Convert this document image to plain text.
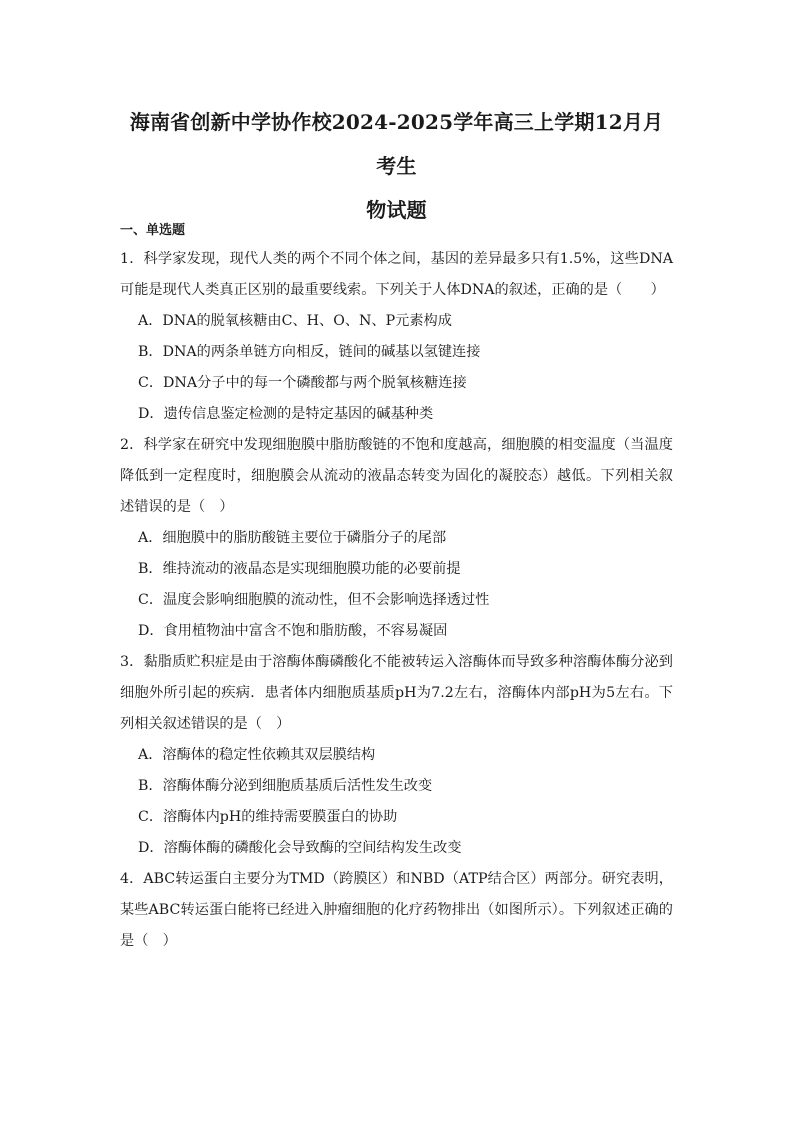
海南省创新中学协作校2024-2025学年高三上学期12月月考生
物试题
一、单选题

1．科学家发现，现代人类的两个不同个体之间，基因的差异最多只有1.5%，这些DNA可能是现代人类真正区别的最重要线索。下列关于人体DNA的叙述，正确的是（　　）

A．DNA的脱氧核糖由C、H、O、N、P元素构成

B．DNA的两条单链方向相反，链间的碱基以氢键连接

C．DNA分子中的每一个磷酸都与两个脱氧核糖连接

D．遗传信息鉴定检测的是特定基因的碱基种类

2．科学家在研究中发现细胞膜中脂肪酸链的不饱和度越高，细胞膜的相变温度（当温度降低到一定程度时，细胞膜会从流动的液晶态转变为固化的凝胶态）越低。下列相关叙述错误的是（　）

A．细胞膜中的脂肪酸链主要位于磷脂分子的尾部

B．维持流动的液晶态是实现细胞膜功能的必要前提

C．温度会影响细胞膜的流动性，但不会影响选择透过性

D．食用植物油中富含不饱和脂肪酸，不容易凝固

3．黏脂质贮积症是由于溶酶体酶磷酸化不能被转运入溶酶体而导致多种溶酶体酶分泌到细胞外所引起的疾病．患者体内细胞质基质pH为7.2左右，溶酶体内部pH为5左右。下列相关叙述错误的是（　）

A．溶酶体的稳定性依赖其双层膜结构

B．溶酶体酶分泌到细胞质基质后活性发生改变

C．溶酶体内pH的维持需要膜蛋白的协助

D．溶酶体酶的磷酸化会导致酶的空间结构发生改变

4．ABC转运蛋白主要分为TMD（跨膜区）和NBD（ATP结合区）两部分。研究表明，某些ABC转运蛋白能将已经进入肿瘤细胞的化疗药物排出（如图所示）。下列叙述正确的是（　）
